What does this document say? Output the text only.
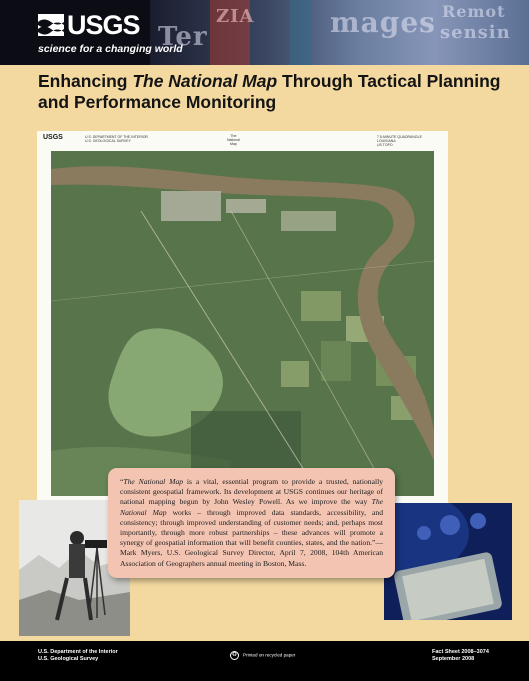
Ter
ZIA	mages Remot
sensin
USGS
science for a changing world
Enhancing The National Map Through Tactical Planning and Performance Monitoring
USGS	U.S. DEPARTMENT OF THE INTERIOR
U.S. GEOLOGICAL SURVEY
The
National
Map
7.5-MINUTE QUADRANGLE
LOUISIANA
US TOPO
“The National Map is a vital, essential program to provide a trusted, nationally consistent geospatial framework. Its development at USGS continues our heritage of national mapping begun by John Wesley Powell. As we improve the way The National Map works – through improved data standards, accessibility, and consistency; through improved understanding of customer needs; and, perhaps most importantly, through more robust partnerships – these advances will promote a synergy of geospatial information that will benefit counties, states, and the nation.”—Mark Myers, U.S. Geological Survey Director, April 7, 2008, 104th American Association of Geographers annual meeting in Boston, Mass.
U.S. Department of the Interior
U.S. Geological Survey
♻ Printed on recycled paper
Fact Sheet 2008–3074
September 2008
